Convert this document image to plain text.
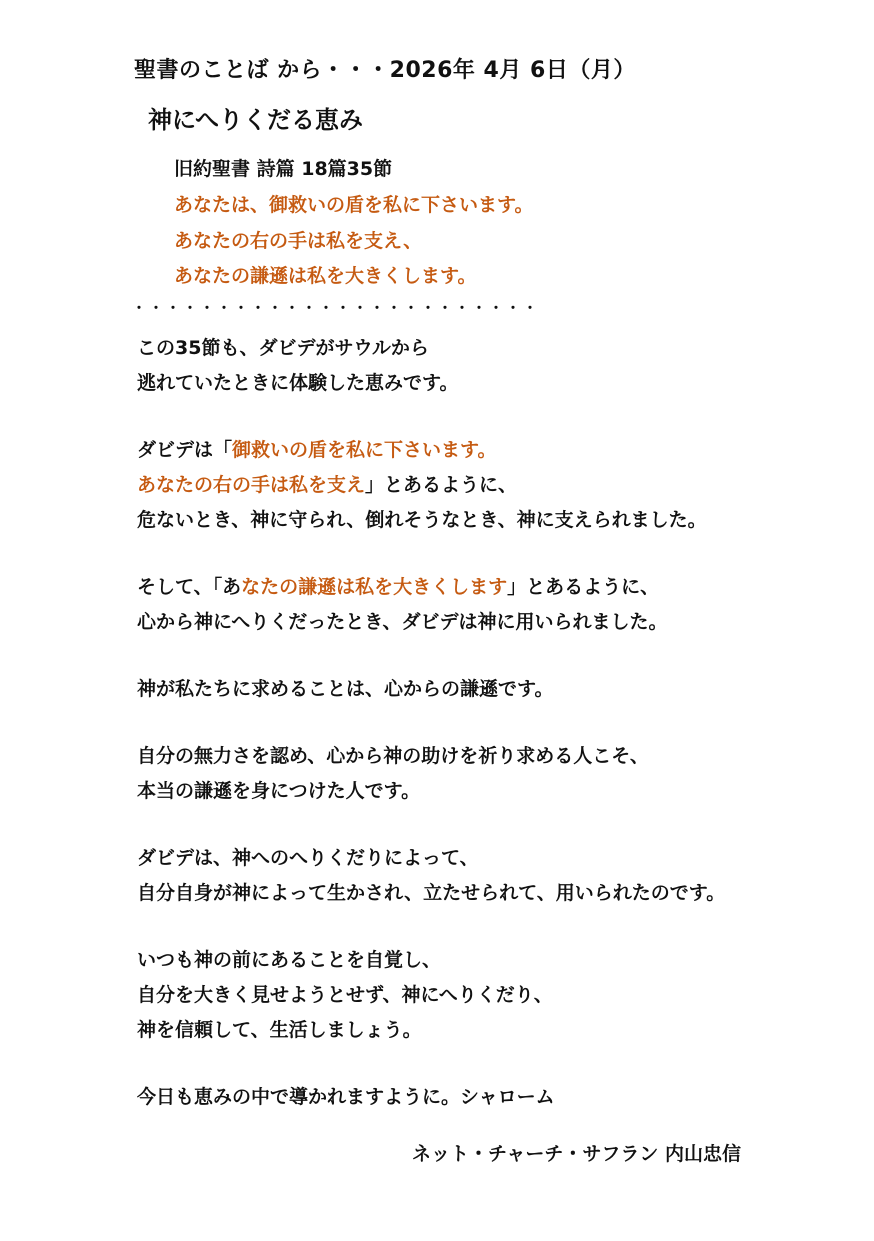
聖書のことば から・・・2026年 4月 6日（月）
神にへりくだる恵み
旧約聖書 詩篇 18篇35節
あなたは、御救いの盾を私に下さいます。
あなたの右の手は私を支え、
あなたの謙遜は私を大きくします。
・・・・・・・・・・・・・・・・・・・・・・・・
この35節も、ダビデがサウルから
逃れていたときに体験した恵みです。
ダビデは「御救いの盾を私に下さいます。
あなたの右の手は私を支え」とあるように、
危ないとき、神に守られ、倒れそうなとき、神に支えられました。
そして、「あなたの謙遜は私を大きくします」とあるように、
心から神にへりくだったとき、ダビデは神に用いられました。
神が私たちに求めることは、心からの謙遜です。
自分の無力さを認め、心から神の助けを祈り求める人こそ、
本当の謙遜を身につけた人です。
ダビデは、神へのへりくだりによって、
自分自身が神によって生かされ、立たせられて、用いられたのです。
いつも神の前にあることを自覚し、
自分を大きく見せようとせず、神にへりくだり、
神を信頼して、生活しましょう。
今日も恵みの中で導かれますように。シャローム
ネット・チャーチ・サフラン 内山忠信
